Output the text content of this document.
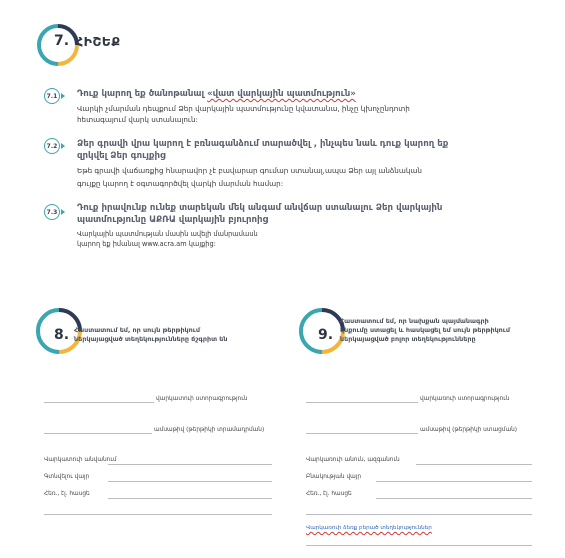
7. ՀԻՇԵՔ
7.1	Դուք կարող եք ծանոթանալ «վատ վարկային պատմություն»
Վարկի չմարման դեպքում Ձեր վարկային պատմությունը կվատանա, ինչը կխոչընդոտի
հետագայում վարկ ստանալուն:
7.2	Ձեր գրավի վրա կարող է բռնագանձում տարածվել , ինչպես նաև դուք կարող եք
զրկվել Ձեր գույքից
Եթե գրավի վաճառքից հնարավոր չէ բավարար գումար ստանալ,ապա Ձեր այլ անձնական
գույքը կարող է օգտագործվել վարկի մարման համար:
7.3	Դուք իրավունք ունեք տարեկան մեկ անգամ անվճար ստանալու Ձեր վարկային
պատմությունը ԱՔՌԱ վարկային բյուրոից
Վարկային պատմության մասին ավելի մանրամասն
կարող եք իմանալ www.acra.am կայքից:
8. Հաստատում եմ, որ սույն թերթիկում
ներկայացված տեղեկությունները ճշգրիտ են
վարկատուի ստորագրություն
ամսաթիվ (թերթիկի տրամադրման)
Վարկատուի անվանում
Գտնվելու վայր
Հեռ., էլ. հասցե
9.
Հաստատում եմ, որ նախքան պայմանագրի
կնքումը ստացել և հասկացել եմ սույն թերթիկում
ներկայացված բոլոր տեղեկությունները
վարկառուի ստորագրություն
ամսաթիվ (թերթիկի ստացման)
Վարկառուի անուն, ազգանուն
Բնակության վայր
Հեռ., էլ. հասցե
Վարկառուի ձեռք բերած տեղեկություններ
